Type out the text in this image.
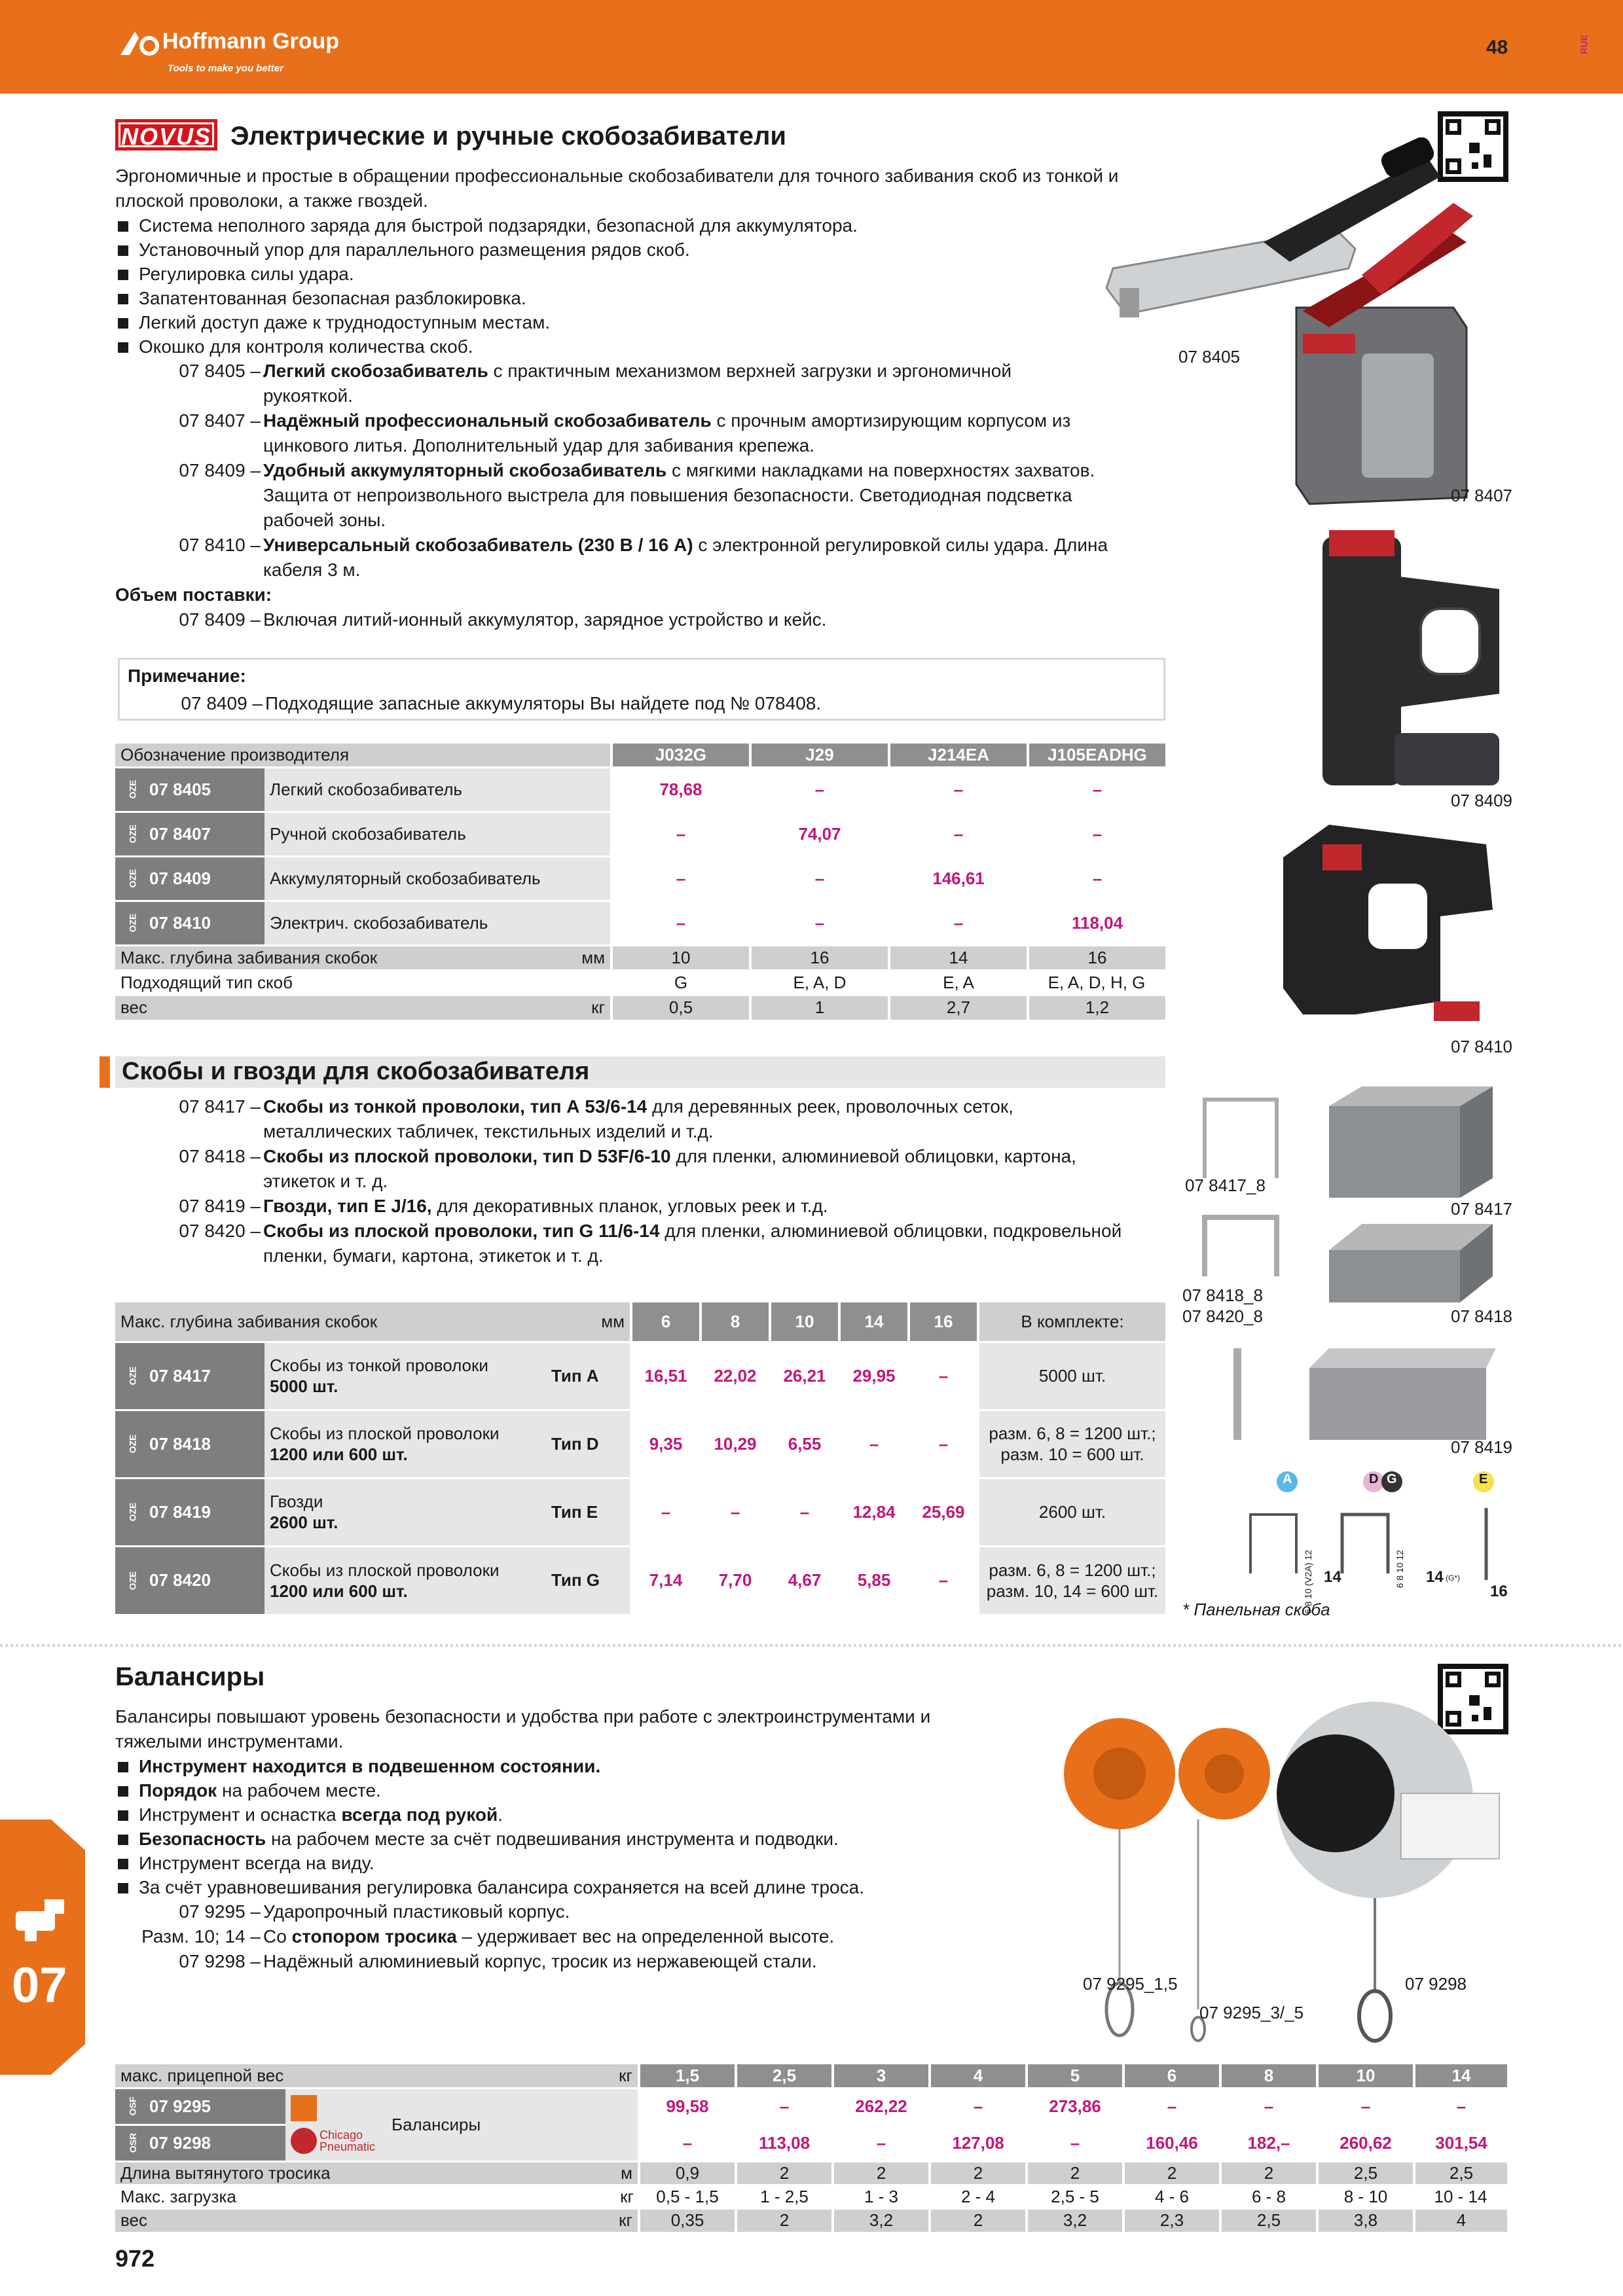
Hoffmann Group
Tools to make you better
48	RUE
NOVUS Электрические и ручные скобозабиватели
Эргономичные и простые в обращении профессиональные скобозабиватели для точного забивания скоб из тонкой и
плоской проволоки, а также гвоздей.
Система неполного заряда для быстрой подзарядки, безопасной для аккумулятора.
Установочный упор для параллельного размещения рядов скоб.
Регулировка силы удара.
Запатентованная безопасная разблокировка.
Легкий доступ даже к труднодоступным местам.
Окошко для контроля количества скоб.
07 8405 – Легкий скобозабиватель с практичным механизмом верхней загрузки и эргономичной
рукояткой.
07 8407 – Надёжный профессиональный скобозабиватель с прочным амортизирующим корпусом из
цинкового литья. Дополнительный удар для забивания крепежа.
07 8409 – Удобный аккумуляторный скобозабиватель с мягкими накладками на поверхностях захватов.
Защита от непроизвольного выстрела для повышения безопасности. Светодиодная подсветка
рабочей зоны.
07 8410 – Универсальный скобозабиватель (230 В / 16 А) с электронной регулировкой силы удара. Длина
кабеля 3 м.
Объем поставки:
07 8409 – Включая литий-ионный аккумулятор, зарядное устройство и кейс.
Примечание:
07 8409 – Подходящие запасные аккумуляторы Вы найдете под № 078408.
Обозначение производителя			J032G	J29	J214EA	J105EADHG

OZE 07 8405	Легкий скобозабиватель		78,68	–	–	–

OZE 07 8407	Ручной скобозабиватель		–	74,07	–	–

OZE 07 8409	Аккумуляторный скобозабиватель		–	–	146,61	–

OZE 07 8410	Электрич. скобозабиватель		–	–	–	118,04
Макс. глубина забивания скобок		мм	10	16	14	16
Подходящий тип скоб			G	E, A, D	E, A	E, A, D, H, G
вес		кг	0,5	1	2,7	1,2
07 8405
07 8407
07 8409
07 8410
Скобы и гвозди для скобозабивателя
07 8417 – Скобы из тонкой проволоки, тип А 53/6-14 для деревянных реек, проволочных сеток,
металлических табличек, текстильных изделий и т.д.
07 8418 – Скобы из плоской проволоки, тип D 53F/6-10 для пленки, алюминиевой облицовки, картона,
этикеток и т. д.
07 8419 – Гвозди, тип E J/16, для декоративных планок, угловых реек и т.д.
07 8420 – Скобы из плоской проволоки, тип G 11/6-14 для пленки, алюминиевой облицовки, подкровельной
пленки, бумаги, картона, этикеток и т. д.
Макс. глубина забивания скобок		мм	6	8	10	14	16	В комплекте:

OZE 07 8417	Скобы из тонкой проволоки
5000 шт.	Тип A	16,51	22,02	26,21	29,95	–	5000 шт.

OZE 07 8418	Скобы из плоской проволоки
1200 или 600 шт.	Тип D	9,35	10,29	6,55	–	–	разм. 6, 8 = 1200 шт.;
разм. 10 = 600 шт.

OZE 07 8419	Гвозди
2600 шт.	Тип E	–	–	–	12,84	25,69	2600 шт.

OZE 07 8420	Скобы из плоской проволоки
1200 или 600 шт.	Тип G	7,14	7,70	4,67	5,85	–	разм. 6, 8 = 1200 шт.;
разм. 10, 14 = 600 шт.
07 8417_8
07 8417
07 8418_8
07 8420_8	07 8418
07 8419
A	D G	E
6 8 10 (V2A) 12	6 8 10 12
14	14 (G*)
16
* Панельная скоба
Балансиры
Балансиры повышают уровень безопасности и удобства при работе с электроинструментами и
тяжелыми инструментами.
Инструмент находится в подвешенном состоянии.
Порядок на рабочем месте.
Инструмент и оснастка всегда под рукой.
Безопасность на рабочем месте за счёт подвешивания инструмента и подводки.
Инструмент всегда на виду.
За счёт уравновешивания регулировка балансира сохраняется на всей длине троса.
07 9295 – Ударопрочный пластиковый корпус.
Разм. 10; 14 – Со стопором тросика – удерживает вес на определенной высоте.
07 9298 – Надёжный алюминиевый корпус, тросик из нержавеющей стали.
07 9295_1,5
07 9295_3/_5
07 9298
макс. прицепной вес		кг	1,5	2,5	3	4	5	6	8	10	14

OSF 07 9295	Chicago Pneumatic
Балансиры		99,58	–	262,22	–	273,86	–	–	–	–

OSR 07 9298			–	113,08	–	127,08	–	160,46	182,–	260,62	301,54
Длина вытянутого тросика		м	0,9	2	2	2	2	2	2	2,5	2,5
Макс. загрузка		кг	0,5 - 1,5	1 - 2,5	1 - 3	2 - 4	2,5 - 5	4 - 6	6 - 8	8 - 10	10 - 14
вес		кг	0,35	2	3,2	2	3,2	2,3	2,5	3,8	4
07
972
